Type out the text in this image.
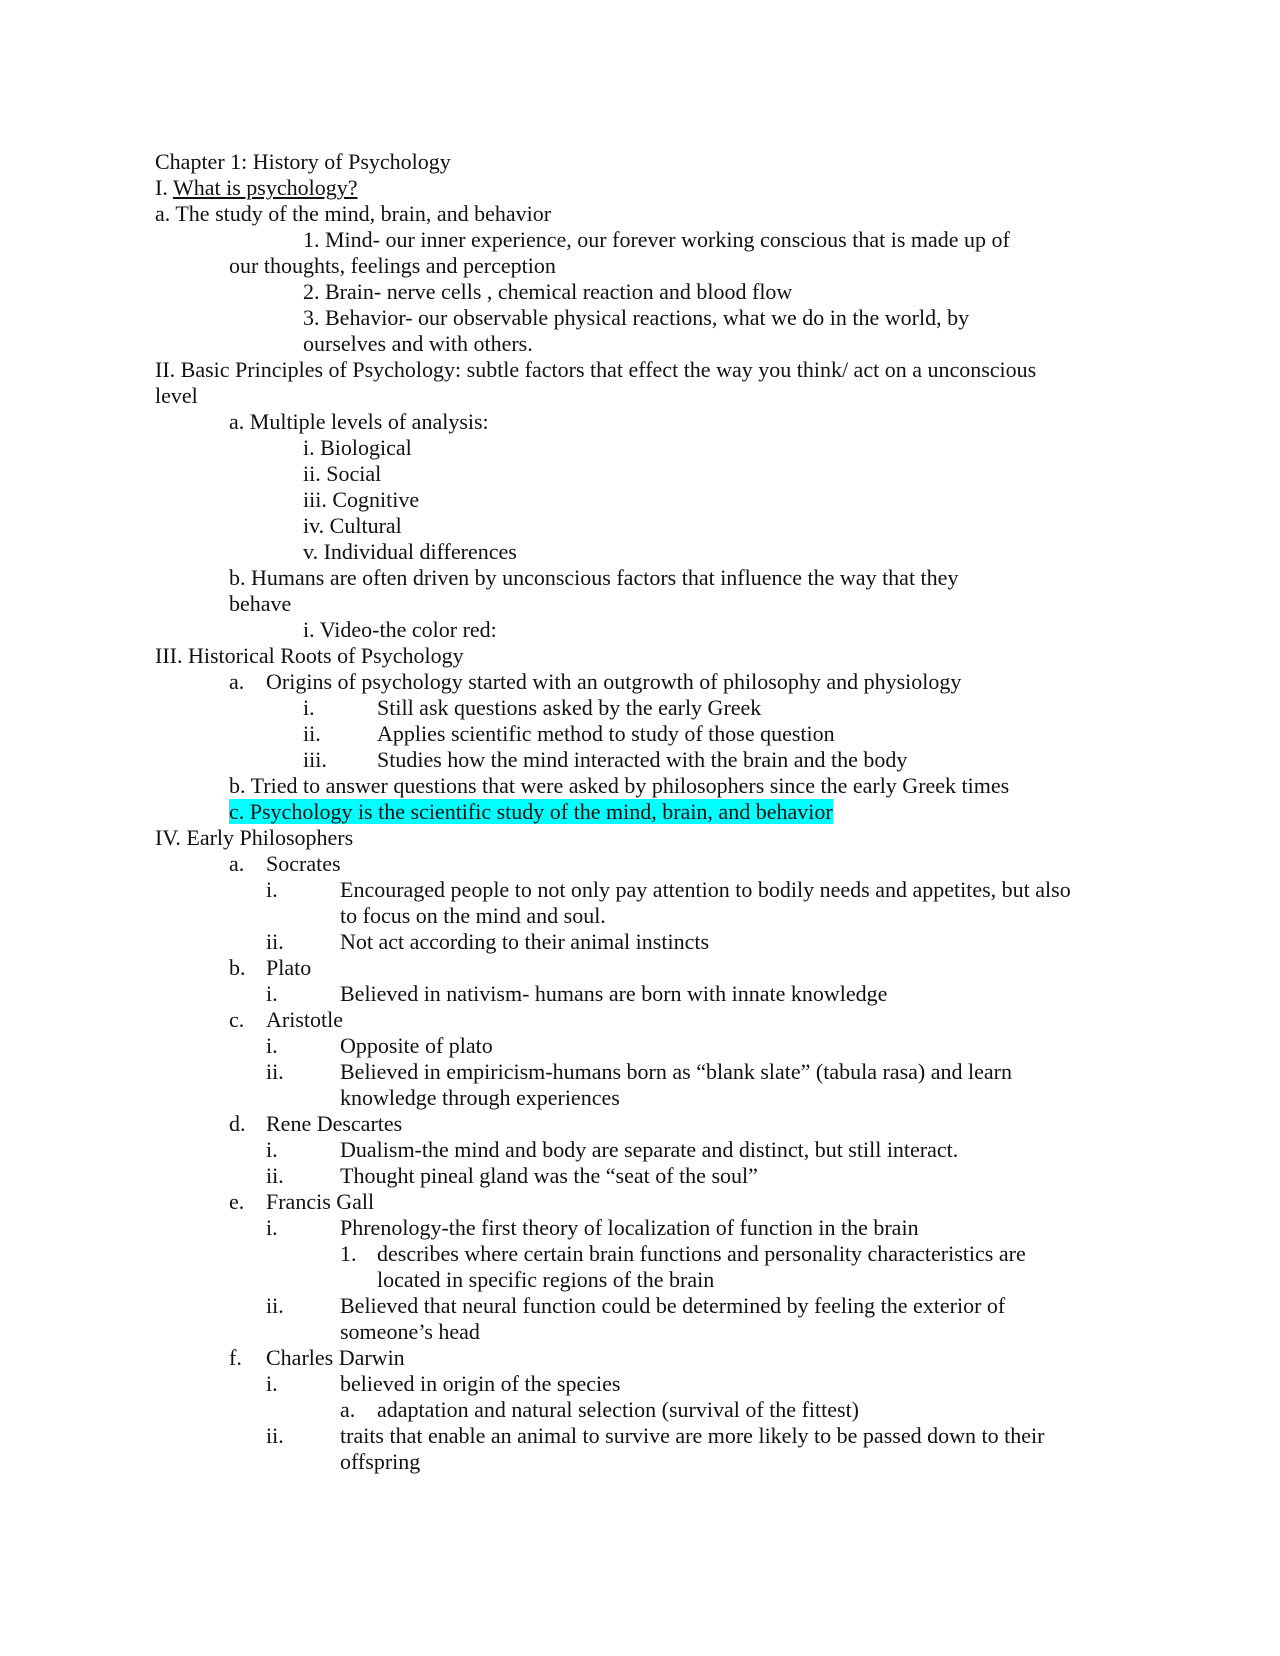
Chapter 1: History of Psychology
I. What is psychology?
a. The study of the mind, brain, and behavior
1. Mind- our inner experience, our forever working conscious that is made up of
our thoughts, feelings and perception
2. Brain- nerve cells , chemical reaction and blood flow
3. Behavior- our observable physical reactions, what we do in the world, by
ourselves and with others.
II. Basic Principles of Psychology: subtle factors that effect the way you think/ act on a unconscious
level
a. Multiple levels of analysis:
i. Biological
ii. Social
iii. Cognitive
iv. Cultural
v. Individual differences
b. Humans are often driven by unconscious factors that influence the way that they
behave
i. Video-the color red:
III. Historical Roots of Psychology
a. Origins of psychology started with an outgrowth of philosophy and physiology
i.	Still ask questions asked by the early Greek
ii.	Applies scientific method to study of those question
iii. Studies how the mind interacted with the brain and the body
b. Tried to answer questions that were asked by philosophers since the early Greek times
c. Psychology is the scientific study of the mind, brain, and behavior
IV. Early Philosophers
a. Socrates
i.	Encouraged people to not only pay attention to bodily needs and appetites, but also
to focus on the mind and soul.
ii.	Not act according to their animal instincts
b. Plato
i.	Believed in nativism- humans are born with innate knowledge
c. Aristotle
i.	Opposite of plato
ii.	Believed in empiricism-humans born as “blank slate” (tabula rasa) and learn
knowledge through experiences
d. Rene Descartes
i.	Dualism-the mind and body are separate and distinct, but still interact.
ii.	Thought pineal gland was the “seat of the soul”
e. Francis Gall
i.	Phrenology-the first theory of localization of function in the brain
1. describes where certain brain functions and personality characteristics are
located in specific regions of the brain
ii.	Believed that neural function could be determined by feeling the exterior of
someone’s head
f. Charles Darwin
i.	believed in origin of the species
a. adaptation and natural selection (survival of the fittest)
ii.	traits that enable an animal to survive are more likely to be passed down to their
offspring
